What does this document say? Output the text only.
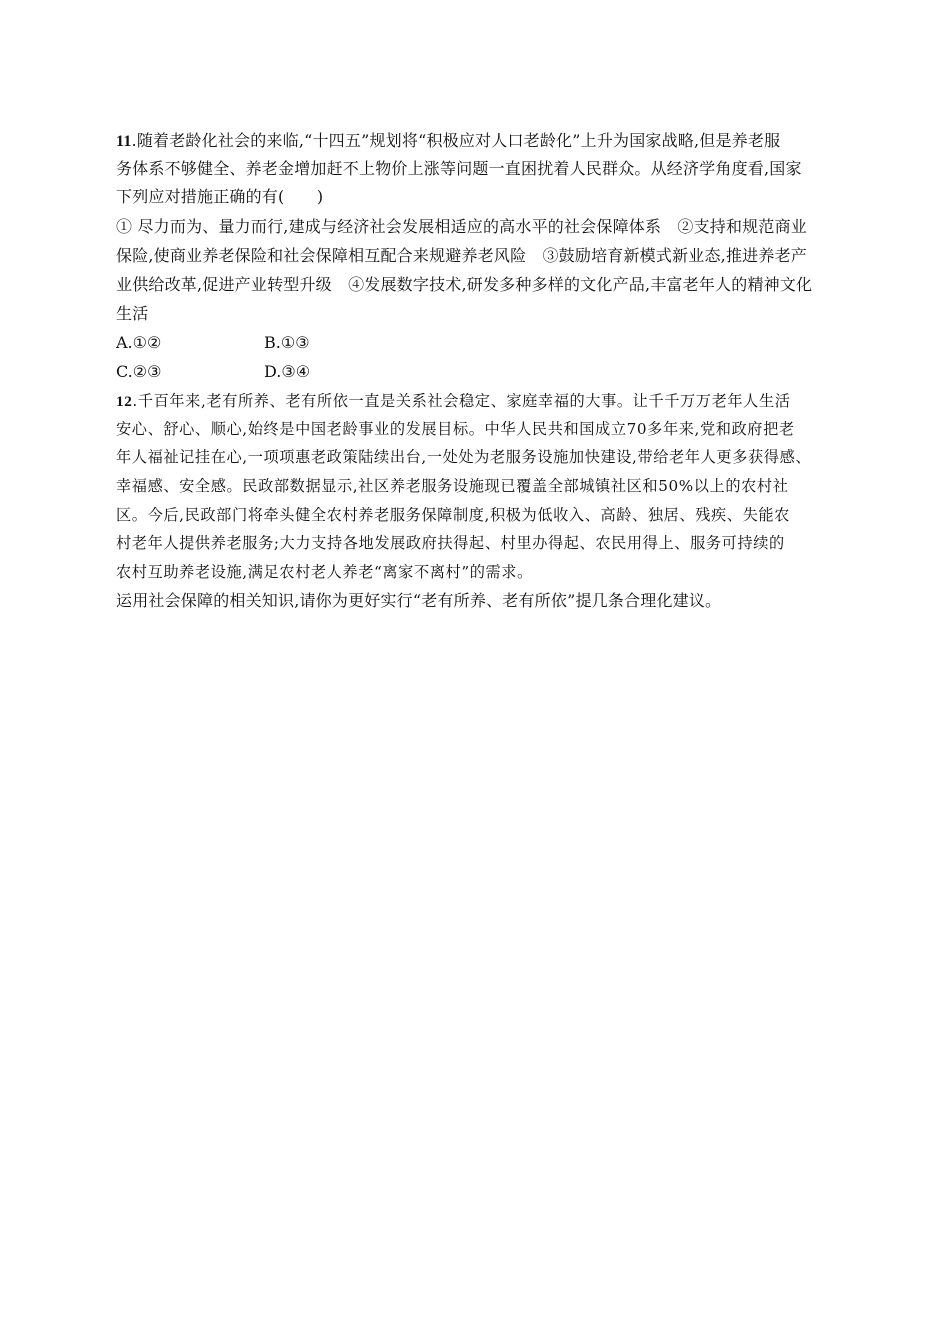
11.随着老龄化社会的来临,“十四五”规划将“积极应对人口老龄化”上升为国家战略,但是养老服
务体系不够健全、养老金增加赶不上物价上涨等问题一直困扰着人民群众。从经济学角度看,国家
下列应对措施正确的有(　　)
① 尽力而为、量力而行,建成与经济社会发展相适应的高水平的社会保障体系　②支持和规范商业
保险,使商业养老保险和社会保障相互配合来规避养老风险　③鼓励培育新模式新业态,推进养老产
业供给改革,促进产业转型升级　④发展数字技术,研发多种多样的文化产品,丰富老年人的精神文化
生活
A.①②	B.①③
C.②③	D.③④
12.千百年来,老有所养、老有所依一直是关系社会稳定、家庭幸福的大事。让千千万万老年人生活
安心、舒心、顺心,始终是中国老龄事业的发展目标。中华人民共和国成立70多年来,党和政府把老
年人福祉记挂在心,一项项惠老政策陆续出台,一处处为老服务设施加快建设,带给老年人更多获得感、
幸福感、安全感。民政部数据显示,社区养老服务设施现已覆盖全部城镇社区和50%以上的农村社
区。今后,民政部门将牵头健全农村养老服务保障制度,积极为低收入、高龄、独居、残疾、失能农
村老年人提供养老服务;大力支持各地发展政府扶得起、村里办得起、农民用得上、服务可持续的
农村互助养老设施,满足农村老人养老“离家不离村”的需求。
运用社会保障的相关知识,请你为更好实行“老有所养、老有所依”提几条合理化建议。
